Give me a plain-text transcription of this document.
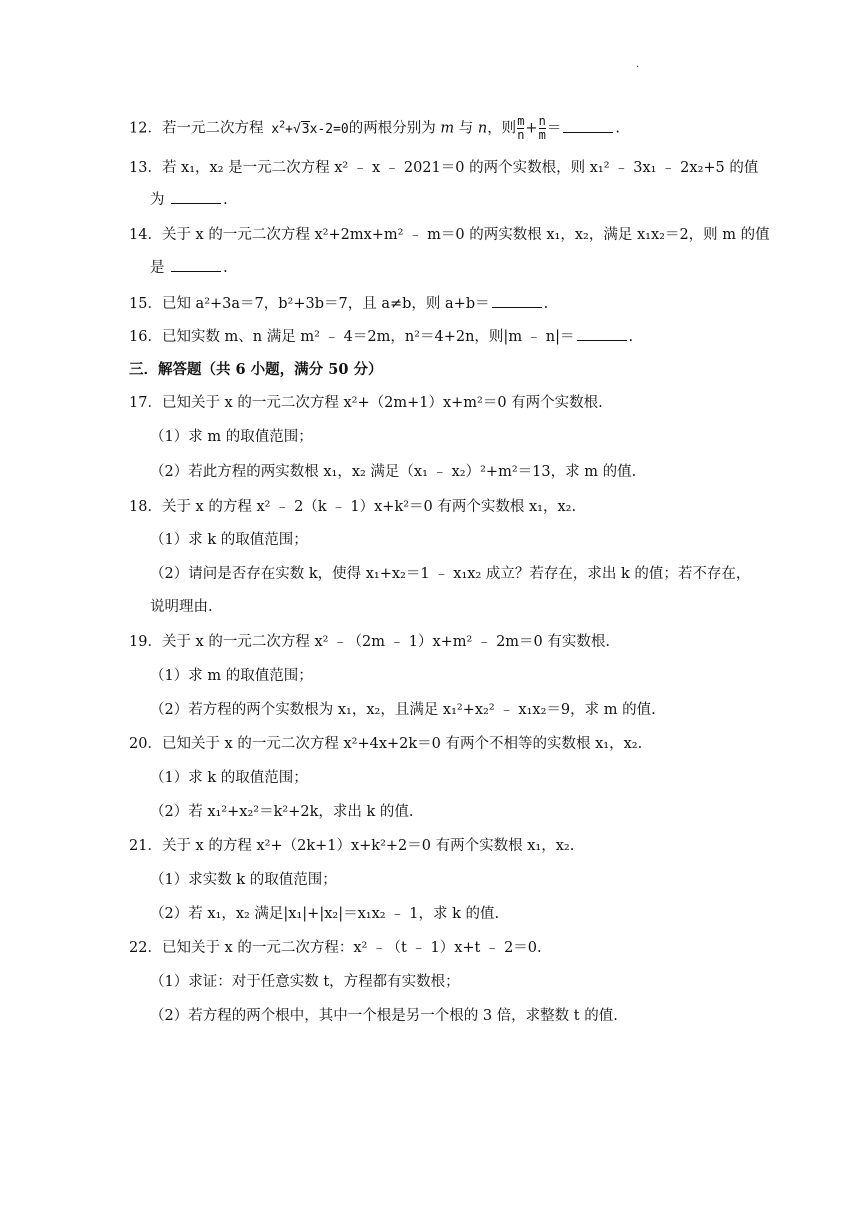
·
12．若一元二次方程 $x^2+√3x-2=0$的两根分别为 m 与 n，则 $\frac{m}{n} + \frac{n}{m}$ ＝	.
13．若 x₁，x₂ 是一元二次方程 x² ﹣ x ﹣ 2021＝0 的两个实数根，则 x₁² ﹣ 3x₁ ﹣ 2x₂+5 的值
为	.
14．关于 x 的一元二次方程 x²+2mx+m² ﹣ m＝0 的两实数根 x₁，x₂，满足 x₁x₂＝2，则 m 的值
是	.
15．已知 a²+3a＝7，b²+3b＝7，且 a≠b，则 a+b＝	.
16．已知实数 m、n 满足 m² ﹣ 4＝2m，n²＝4+2n，则|m ﹣ n|＝	.
三．解答题（共 6 小题，满分 50 分）
17．已知关于 x 的一元二次方程 x²+（2m+1）x+m²＝0 有两个实数根.
（1）求 m 的取值范围；
（2）若此方程的两实数根 x₁，x₂ 满足（x₁ ﹣ x₂）²+m²＝13，求 m 的值.
18．关于 x 的方程 x² ﹣ 2（k ﹣ 1）x+k²＝0 有两个实数根 x₁，x₂.
（1）求 k 的取值范围；
（2）请问是否存在实数 k，使得 x₁+x₂＝1 ﹣ x₁x₂ 成立？若存在，求出 k 的值；若不存在，
说明理由.
19．关于 x 的一元二次方程 x² ﹣（2m ﹣ 1）x+m² ﹣ 2m＝0 有实数根.
（1）求 m 的取值范围；
（2）若方程的两个实数根为 x₁，x₂，且满足 x₁²+x₂² ﹣ x₁x₂＝9，求 m 的值.
20．已知关于 x 的一元二次方程 x²+4x+2k＝0 有两个不相等的实数根 x₁，x₂.
（1）求 k 的取值范围；
（2）若 x₁²+x₂²＝k²+2k，求出 k 的值.
21．关于 x 的方程 x²+（2k+1）x+k²+2＝0 有两个实数根 x₁，x₂.
（1）求实数 k 的取值范围；
（2）若 x₁，x₂ 满足|x₁|+|x₂|＝x₁x₂ ﹣ 1，求 k 的值.
22．已知关于 x 的一元二次方程：x² ﹣（t ﹣ 1）x+t ﹣ 2＝0.
（1）求证：对于任意实数 t，方程都有实数根；
（2）若方程的两个根中，其中一个根是另一个根的 3 倍，求整数 t 的值.
